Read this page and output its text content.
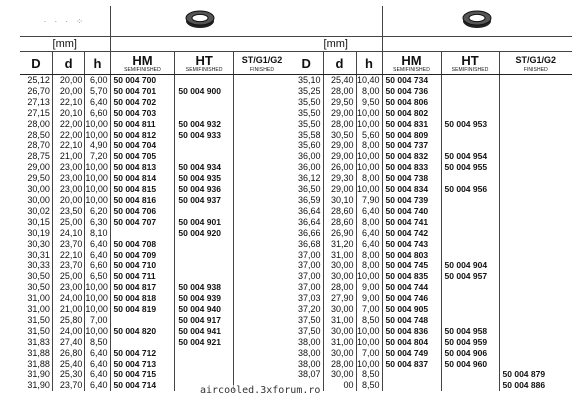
· · · ⁘	
[mm]					

D	d	h	HM
SEMIFINISHED	HT
SEMIFINISHED	ST/G1/G2
FINISHED

25,12	20,00	6,00	50 004 700		
26,70	20,00	5,70	50 004 701	50 004 900	
27,13	22,10	6,40	50 004 702		
27,15	20,10	6,60	50 004 703		
28,00	22,00	10,00	50 004 811	50 004 932	
28,50	22,00	10,00	50 004 812	50 004 933	
28,70	22,10	4,90	50 004 704		
28,75	21,00	7,20	50 004 705		
29,00	23,00	10,00	50 004 813	50 004 934	
29,50	23,00	10,00	50 004 814	50 004 935	
30,00	23,00	10,00	50 004 815	50 004 936	
30,00	20,00	10,00	50 004 816	50 004 937	
30,02	23,50	6,20	50 004 706		
30,15	25,00	6,30	50 004 707	50 004 901	
30,19	24,10	8,10		50 004 920	
30,30	23,70	6,40	50 004 708		
30,31	22,10	6,40	50 004 709		
30,33	23,70	6,60	50 004 710		
30,50	25,00	6,50	50 004 711		
30,50	23,00	10,00	50 004 817	50 004 938	
31,00	24,00	10,00	50 004 818	50 004 939	
31,00	21,00	10,00	50 004 819	50 004 940	
31,50	25,80	7,00		50 004 917	
31,50	24,00	10,00	50 004 820	50 004 941	
31,83	27,40	8,50		50 004 921	
31,88	26,80	6,40	50 004 712		
31,88	25,40	6,40	50 004 713		
31,90	25,30	6,40	50 004 715		
31,90	23,70	6,40	50 004 714		

[mm]					

D	d	h	HM
SEMIFINISHED	HT
SEMIFINISHED	ST/G1/G2
FINISHED

35,10	25,40	10,40	50 004 734		
35,25	28,00	8,00	50 004 736		
35,50	29,50	9,50	50 004 806		
35,50	29,00	10,00	50 004 802		
35,50	28,00	10,00	50 004 831	50 004 953	
35,58	30,50	5,60	50 004 809		
35,60	29,00	8,00	50 004 737		
36,00	29,00	10,00	50 004 832	50 004 954	
36,00	26,00	10,00	50 004 833	50 004 955	
36,12	29,30	8,00	50 004 738		
36,50	29,00	10,00	50 004 834	50 004 956	
36,59	30,10	7,90	50 004 739		
36,64	28,60	6,40	50 004 740		
36,64	28,60	8,00	50 004 741		
36,66	26,90	6,40	50 004 742		
36,68	31,20	6,40	50 004 743		
37,00	31,00	8,00	50 004 803		
37,00	30,00	8,00	50 004 745	50 004 904	
37,00	30,00	10,00	50 004 835	50 004 957	
37,00	28,00	9,00	50 004 744		
37,03	27,90	9,00	50 004 746		
37,20	30,00	7,00	50 004 905		
37,50	31,00	8,50	50 004 748		
37,50	30,00	10,00	50 004 836	50 004 958	
38,00	31,00	10,00	50 004 804	50 004 959	
38,00	30,00	7,00	50 004 749	50 004 906	
38,00	28,00	10,00	50 004 837	50 004 960	
38,07	30,00	8,50			50 004 879
	00	8,50			50 004 886
aircooled.3xforum.ro
